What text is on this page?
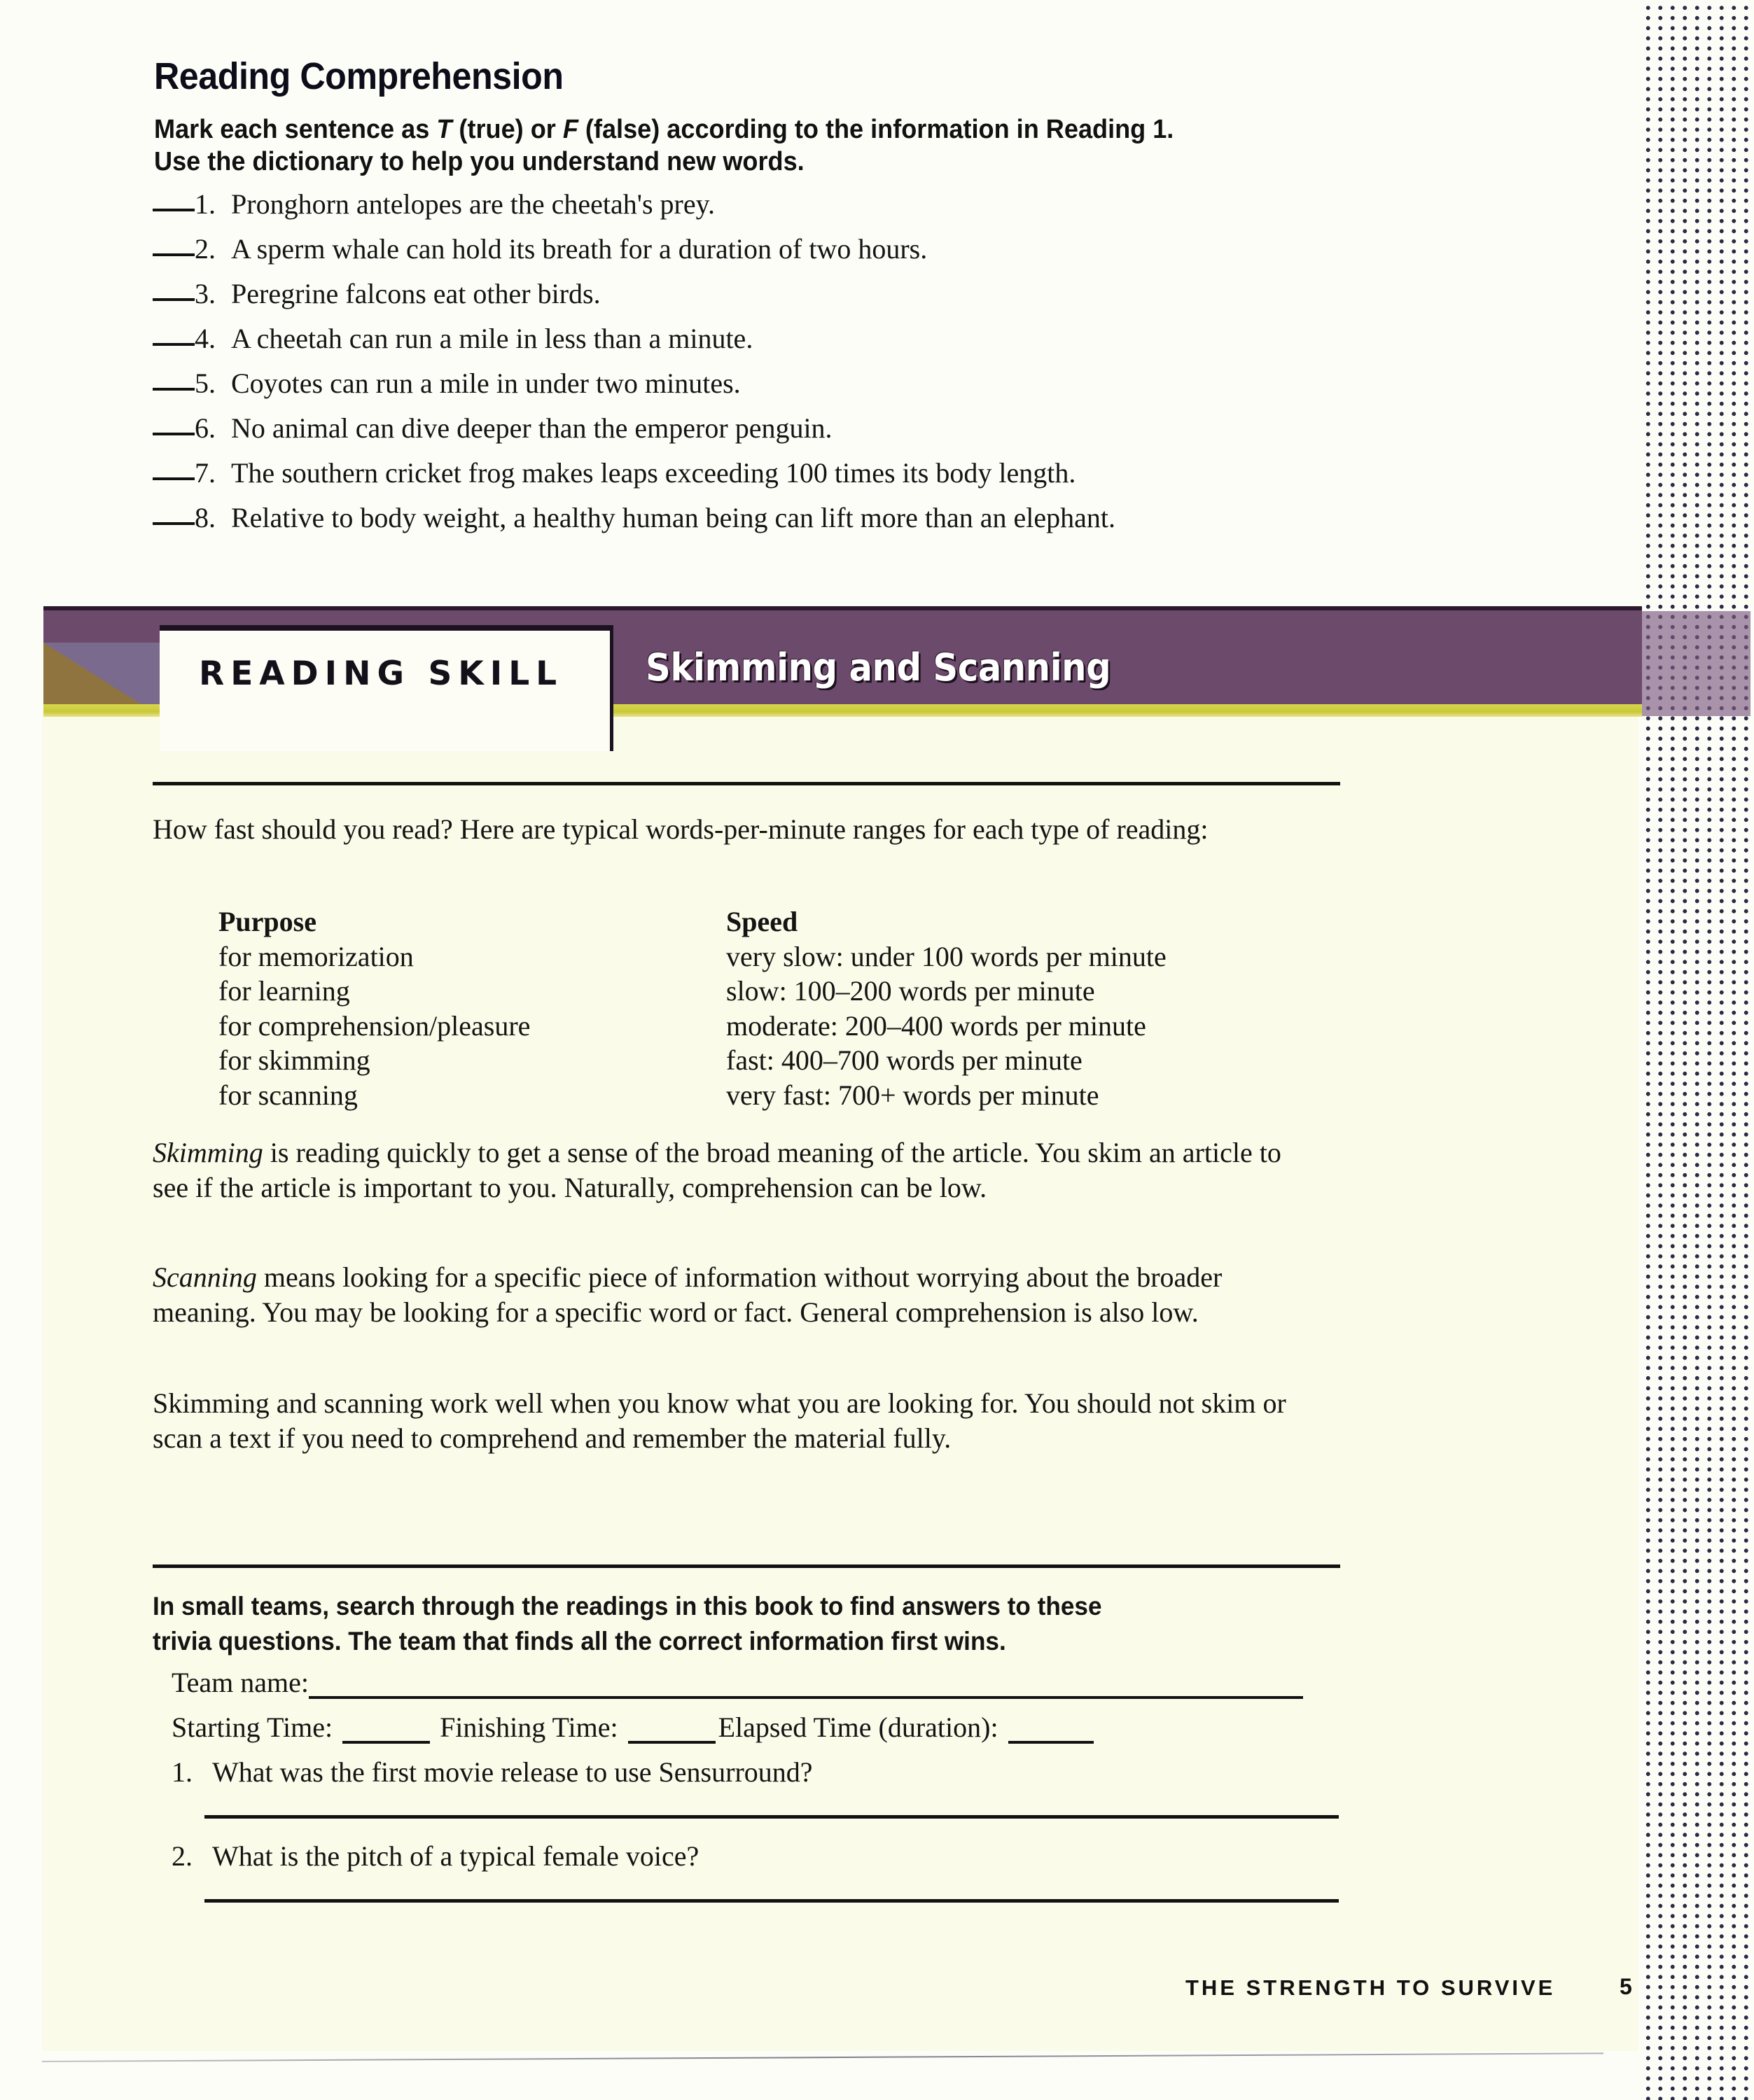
Reading Comprehension
Mark each sentence as T (true) or F (false) according to the information in Reading 1.
Use the dictionary to help you understand new words.
1. Pronghorn antelopes are the cheetah's prey.
2. A sperm whale can hold its breath for a duration of two hours.
3. Peregrine falcons eat other birds.
4. A cheetah can run a mile in less than a minute.
5. Coyotes can run a mile in under two minutes.
6. No animal can dive deeper than the emperor penguin.
7. The southern cricket frog makes leaps exceeding 100 times its body length.
8. Relative to body weight, a healthy human being can lift more than an elephant.
READING SKILL Skimming and Scanning
How fast should you read? Here are typical words-per-minute ranges for each type of reading:
Purpose	Speed
for memorization	very slow: under 100 words per minute
for learning	slow: 100–200 words per minute
for comprehension/pleasure	moderate: 200–400 words per minute
for skimming	fast: 400–700 words per minute
for scanning	very fast: 700+ words per minute
Skimming is reading quickly to get a sense of the broad meaning of the article. You skim an article to see if the article is important to you. Naturally, comprehension can be low.
Scanning means looking for a specific piece of information without worrying about the broader meaning. You may be looking for a specific word or fact. General comprehension is also low.
Skimming and scanning work well when you know what you are looking for. You should not skim or scan a text if you need to comprehend and remember the material fully.
In small teams, search through the readings in this book to find answers to these
trivia questions. The team that finds all the correct information first wins.
Team name:
Starting Time:	Finishing Time:	Elapsed Time (duration):
1. What was the first movie release to use Sensurround?
2. What is the pitch of a typical female voice?
THE STRENGTH TO SURVIVE	5
